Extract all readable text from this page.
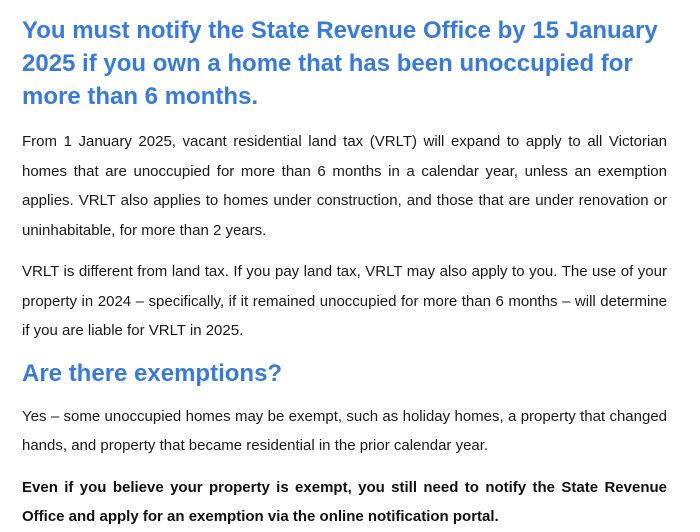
You must notify the State Revenue Office by 15 January 2025 if you own a home that has been unoccupied for more than 6 months.

From 1 January 2025, vacant residential land tax (VRLT) will expand to apply to all Victorian homes that are unoccupied for more than 6 months in a calendar year, unless an exemption applies. VRLT also applies to homes under construction, and those that are under renovation or uninhabitable, for more than 2 years.

VRLT is different from land tax. If you pay land tax, VRLT may also apply to you. The use of your property in 2024 – specifically, if it remained unoccupied for more than 6 months – will determine if you are liable for VRLT in 2025.

Are there exemptions?

Yes – some unoccupied homes may be exempt, such as holiday homes, a property that changed hands, and property that became residential in the prior calendar year.

Even if you believe your property is exempt, you still need to notify the State Revenue Office and apply for an exemption via the online notification portal.
